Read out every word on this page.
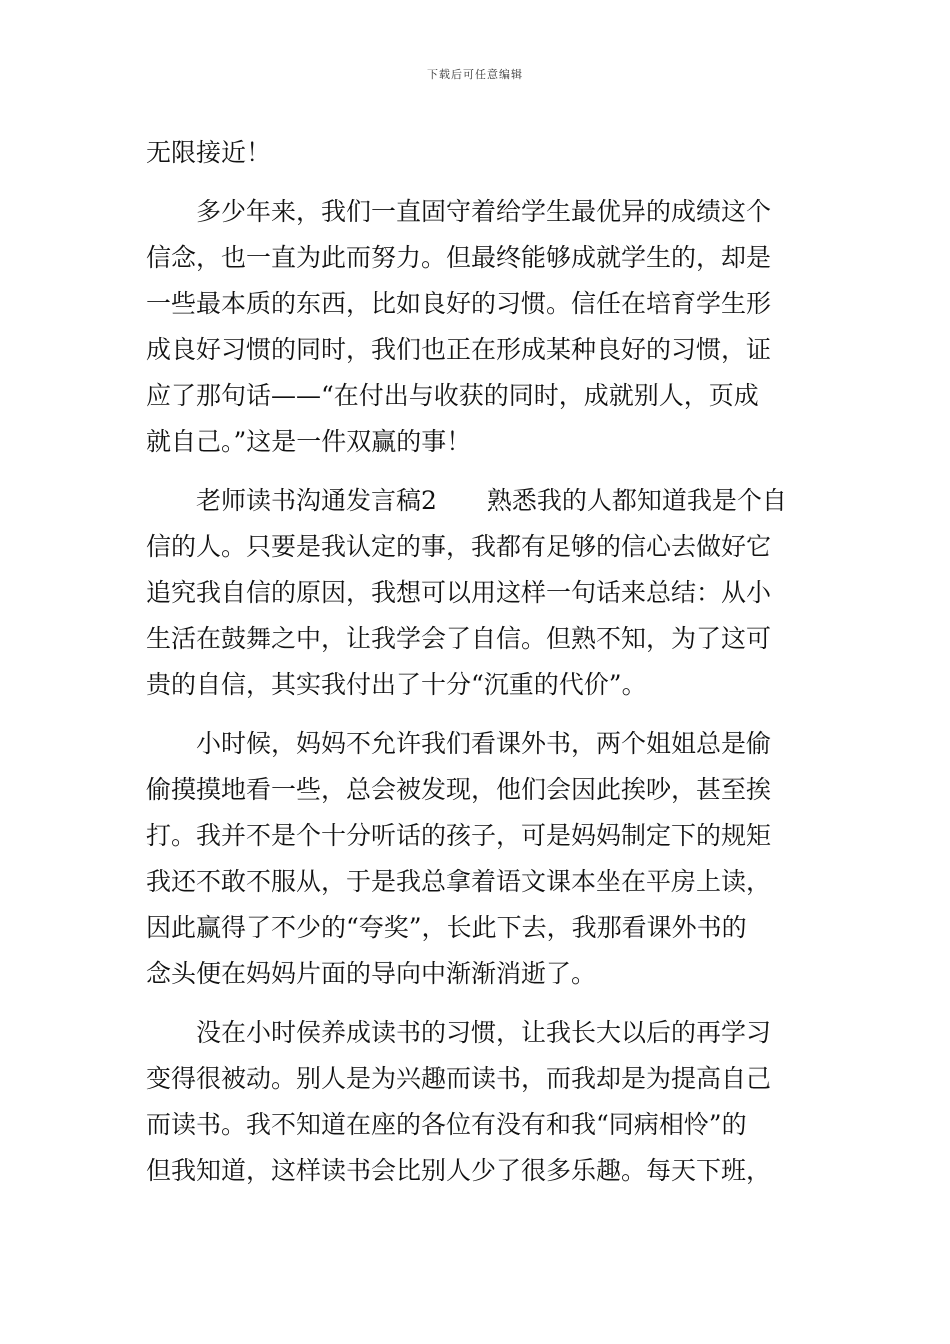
下载后可任意编辑
无限接近！
　　多少年来，我们一直固守着给学生最优异的成绩这个
信念，也一直为此而努力。但最终能够成就学生的，却是
一些最本质的东西，比如良好的习惯。信任在培育学生形
成良好习惯的同时，我们也正在形成某种良好的习惯，证
应了那句话——“在付出与收获的同时，成就别人，页成
就自己。”这是一件双赢的事！
　　老师读书沟通发言稿2　　熟悉我的人都知道我是个自
信的人。只要是我认定的事，我都有足够的信心去做好它
追究我自信的原因，我想可以用这样一句话来总结：从小
生活在鼓舞之中，让我学会了自信。但熟不知，为了这可
贵的自信，其实我付出了十分“沉重的代价”。
　　小时候，妈妈不允许我们看课外书，两个姐姐总是偷
偷摸摸地看一些，总会被发现，他们会因此挨吵，甚至挨
打。我并不是个十分听话的孩子，可是妈妈制定下的规矩
我还不敢不服从，于是我总拿着语文课本坐在平房上读，
因此赢得了不少的“夸奖”，长此下去，我那看课外书的
念头便在妈妈片面的导向中渐渐消逝了。
　　没在小时侯养成读书的习惯，让我长大以后的再学习
变得很被动。别人是为兴趣而读书，而我却是为提高自己
而读书。我不知道在座的各位有没有和我“同病相怜”的
但我知道，这样读书会比别人少了很多乐趣。每天下班，
